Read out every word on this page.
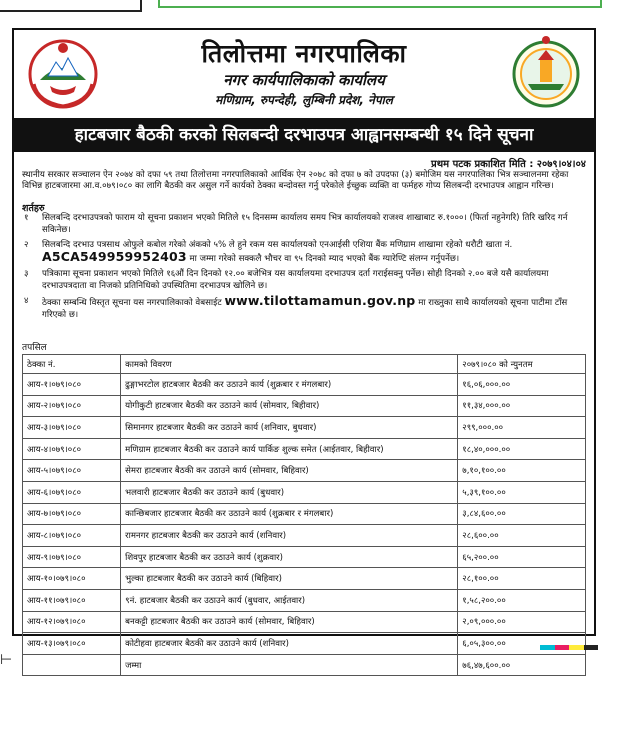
तिलोत्तमा नगरपालिका
नगर कार्यपालिकाको कार्यालय
मणिग्राम, रुपन्देही, लुम्बिनी प्रदेश, नेपाल
हाटबजार बैठकी करको सिलबन्दी दरभाउपत्र आह्वानसम्बन्धी १५ दिने सूचना
प्रथम पटक प्रकाशित मिति : २०७९।०४।०४
स्थानीय सरकार सञ्चालन ऐन २०७४ को दफा ५९ तथा तिलोत्तमा नगरपालिकाको आर्थिक ऐन २०७८ को दफा ७ को उपदफा (३) बमोजिम यस नगरपालिका भित्र सञ्चालनमा रहेका विभिन्न हाटबजारमा आ.व.०७९।०८० का लागि बैठकी कर असुल गर्ने कार्यको ठेक्का बन्दोवस्त गर्नु परेकोले ईच्छुक व्यक्ति वा फर्महरु गोप्य सिलबन्दी दरभाउपत्र आह्वान गरिन्छ।
शर्तहरु
१ सिलबन्दि दरभाउपत्रको फाराम यो सूचना प्रकाशन भएको मितिले १५ दिनसम्म कार्यालय समय भित्र कार्यालयको राजश्व शाखाबाट रु.१०००। (फिर्ता नहुनेगरि) तिरि खरिद गर्न सकिनेछ।
२ सिलबन्दि दरभाउ पत्रसाथ ओफुले कबोल गरेको अंकको ५% ले हुने रकम यस कार्यालयको एनआईसी एशिया बैंक मणिग्राम शाखामा रहेको धरौटी खाता नं. A5CA549959952403 मा जम्मा गरेको सक्कलै भौचर वा ९५ दिनको म्याद भएको बैंक ग्यारेण्टि संलग्न गर्नुपर्नेछ।
३ पत्रिकामा सूचना प्रकाशन भएको मितिले १६औं दिन दिनको १२.०० बजेभित्र यस कार्यालयमा दरभाउपत्र दर्ता गराईसक्नु पर्नेछ। सोही दिनको २.०० बजे यसै कार्यालयमा दरभाउपत्रदाता वा निजको प्रतिनिधिको उपस्थितिमा दरभाउपत्र खोलिने छ।
४ ठेक्का सम्बन्धि विस्तृत सूचना यस नगरपालिकाको वेबसाईट www.tilottamamun.gov.np मा राख्नुका साथै कार्यालयको सूचना पाटीमा टाँस गरिएको छ।
तपसिल
ठेक्का नं.	कामको विवरण	२०७९।०८० को न्युनतम
आय-१।०७९।०८०	ढुङ्गाभरटोल हाटबजार बैठकी कर उठाउने कार्य (शुक्रबार र मंगलबार)	१६,०६,०००.००
आय-२।०७९।०८०	योगीकुटी हाटबजार बैठकी कर उठाउने कार्य (सोमवार, बिहीवार)	११,३४,०००.००
आय-३।०७९।०८०	सिमानगर हाटबजार बैठकी कर उठाउने कार्य (शनिवार, बुधवार)	२९९,०००.००
आय-४।०७९।०८०	मणिग्राम हाटबजार बैठकी कर उठाउने कार्य पार्किङ शुल्क समेत (आईतवार, बिहीवार)	१८,४०,०००.००
आय-५।०७९।०८०	सेमरा हाटबजार बैठकी कर उठाउने कार्य (सोमवार, बिहिवार)	७,१०,१००.००
आय-६।०७९।०८०	भलवारी हाटबजार बैठकी कर उठाउने कार्य (बुधवार)	५,३९,१००.००
आय-७।०७९।०८०	कान्छिबजार हाटबजार बैठकी कर उठाउने कार्य (शुक्रबार र मंगलबार)	३,८४,६००.००
आय-८।०७९।०८०	रामनगर हाटबजार बैठकी कर उठाउने कार्य (शनिवार)	२८,६००.००
आय-९।०७९।०८०	शिवपुर हाटबजार बैठकी कर उठाउने कार्य (शुक्रवार)	६५,२००.००
आय-१०।०७९।०८०	भुल्का हाटबजार बैठकी कर उठाउने कार्य (बिहिवार)	२८,१००.००
आय-११।०७९।०८०	९नं. हाटबजार बैठकी कर उठाउने कार्य (बुधवार, आईतवार)	१,५८,२००.००
आय-१२।०७९।०८०	बनकट्टी हाटबजार बैठकी कर उठाउने कार्य (सोमवार, बिहिवार)	२,०९,०००.००
आय-१३।०७९।०८०	कोटीहवा हाटबजार बैठकी कर उठाउने कार्य (शनिवार)	६,०५,३००.००
	जम्मा	७६,४७,६००.००
⊢
